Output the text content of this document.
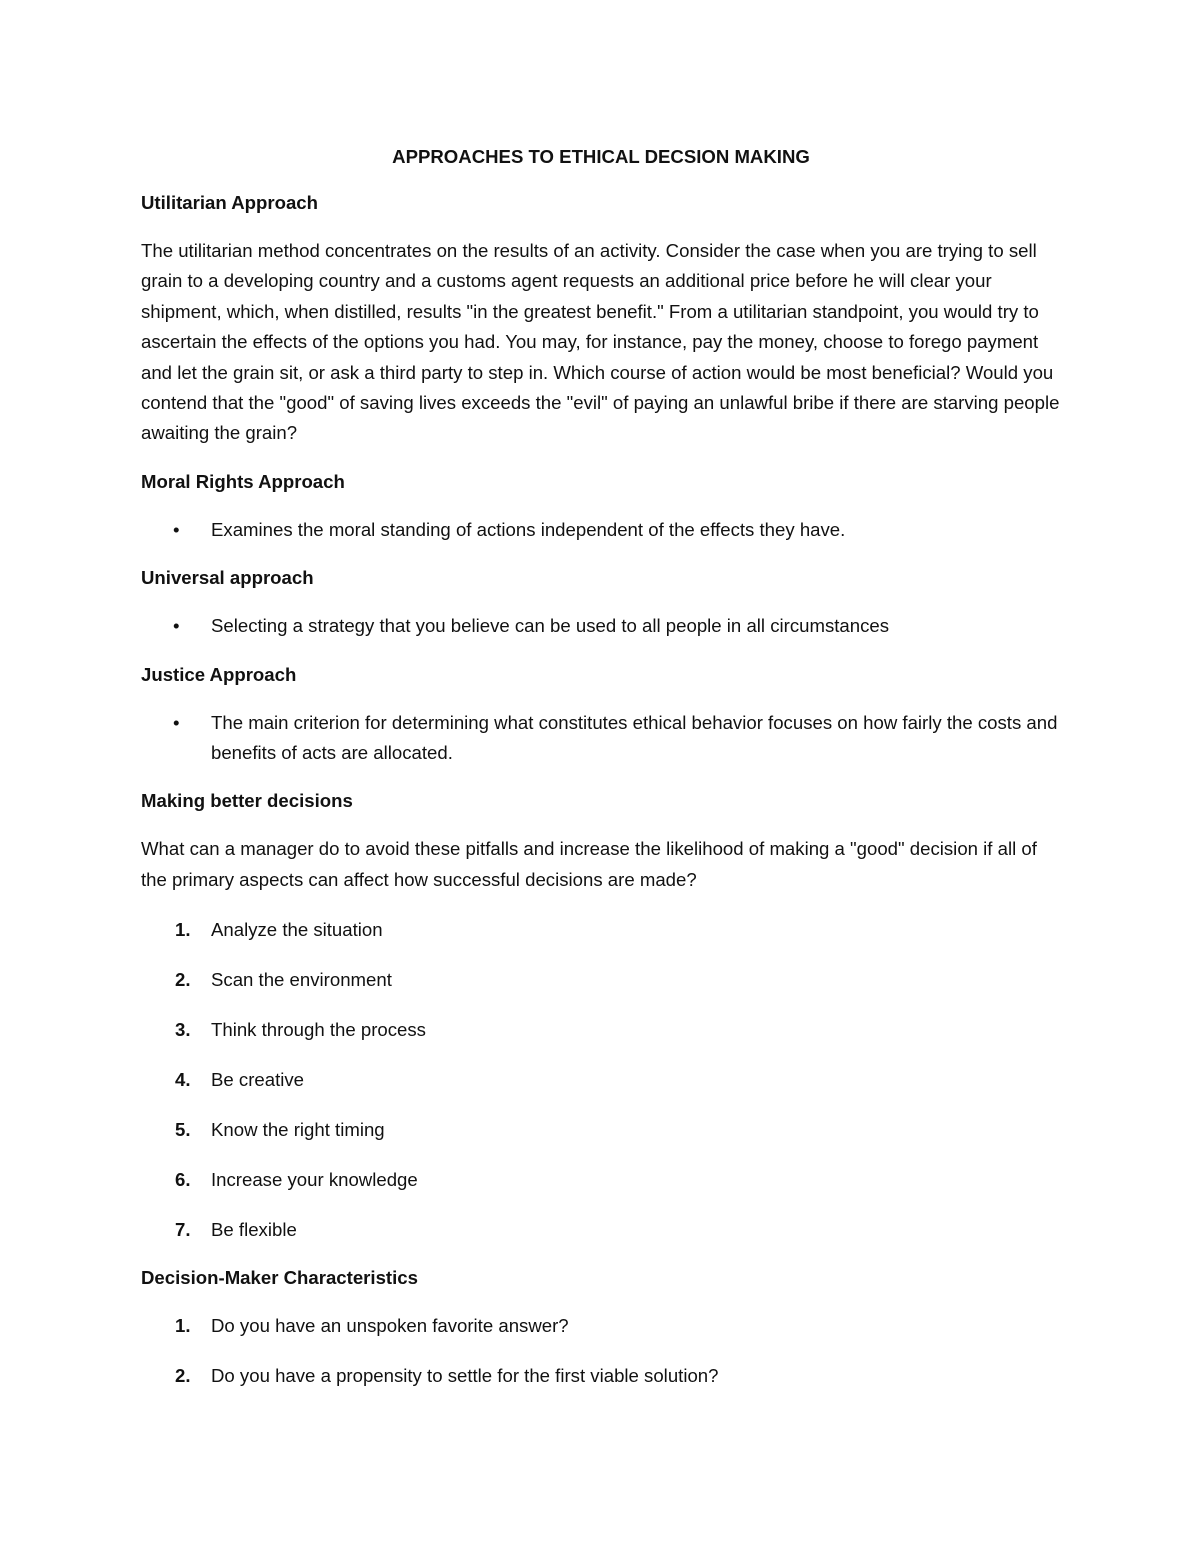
APPROACHES TO ETHICAL DECSION MAKING
Utilitarian Approach

The utilitarian method concentrates on the results of an activity. Consider the case when you are trying to sell grain to a developing country and a customs agent requests an additional price before he will clear your shipment, which, when distilled, results "in the greatest benefit." From a utilitarian standpoint, you would try to ascertain the effects of the options you had. You may, for instance, pay the money, choose to forego payment and let the grain sit, or ask a third party to step in. Which course of action would be most beneficial? Would you contend that the "good" of saving lives exceeds the "evil" of paying an unlawful bribe if there are starving people awaiting the grain?

Moral Rights Approach
• Examines the moral standing of actions independent of the effects they have.
Universal approach
• Selecting a strategy that you believe can be used to all people in all circumstances
Justice Approach
• The main criterion for determining what constitutes ethical behavior focuses on how fairly the costs and benefits of acts are allocated.
Making better decisions

What can a manager do to avoid these pitfalls and increase the likelihood of making a "good" decision if all of the primary aspects can affect how successful decisions are made?

1. Analyze the situation
2. Scan the environment
3. Think through the process
4. Be creative
5. Know the right timing
6. Increase your knowledge
7. Be flexible
Decision-Maker Characteristics
1. Do you have an unspoken favorite answer?
2. Do you have a propensity to settle for the first viable solution?
